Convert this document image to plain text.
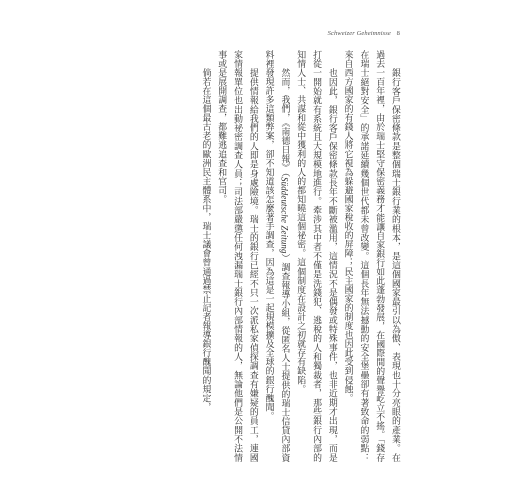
Schweizer Geheimnisse 8

　　銀行客戶保密條款是整個瑞士銀行業的根本，是這個國家最引以為傲、表現也十分亮眼的產業。在過去一百年裡，由於瑞士堅守保密義務才能讓自家銀行如此蓬勃發展，在國際間的聲譽屹立不搖。「錢存在瑞士絕對安全」的承諾延續幾個世代都未曾改變。這個長年無法撼動的安全堡壘卻有著致命的弱點：來自西方國家的有錢人將它視為躲避國家稅收的屏障；民主國家的制度也因此受到侵蝕。

　　也因此，銀行客戶保密條款長年不斷被濫用，這情況不是偶發或特殊事件，也非近期才出現，而是打從一開始就有系統且大規模地進行。牽涉其中者不僅是洗錢犯、逃稅的人和獨裁者，那些銀行內部的知情人士、共謀和從中獲利的人的都知曉這個祕密。這個制度在設計之初就存有缺陷。

　　然而，我們，《南德日報》（Süddeutsche Zeitung）調查報導小組，從匿名人士提供的瑞士信貸內部資料裡發現許多這類弊案，卻不知道該怎麼著手調查，因為這是一起規模擴及全球的銀行醜聞。

　　提供情報給我們的人即是身處險境。瑞士的銀行已經不只一次派私家偵探調查有嫌疑的員工，連國家情報單位也出動祕密調查人員；司法部嚴懲任何洩漏瑞士銀行內部情報的人，無論他們是公開不法情事或是展開調查，都難逃追查和官司。

　　倘若在這個最古老的歐洲民主體系中，瑞士議會曾通過禁止記者報導銀行醜聞的規定，
